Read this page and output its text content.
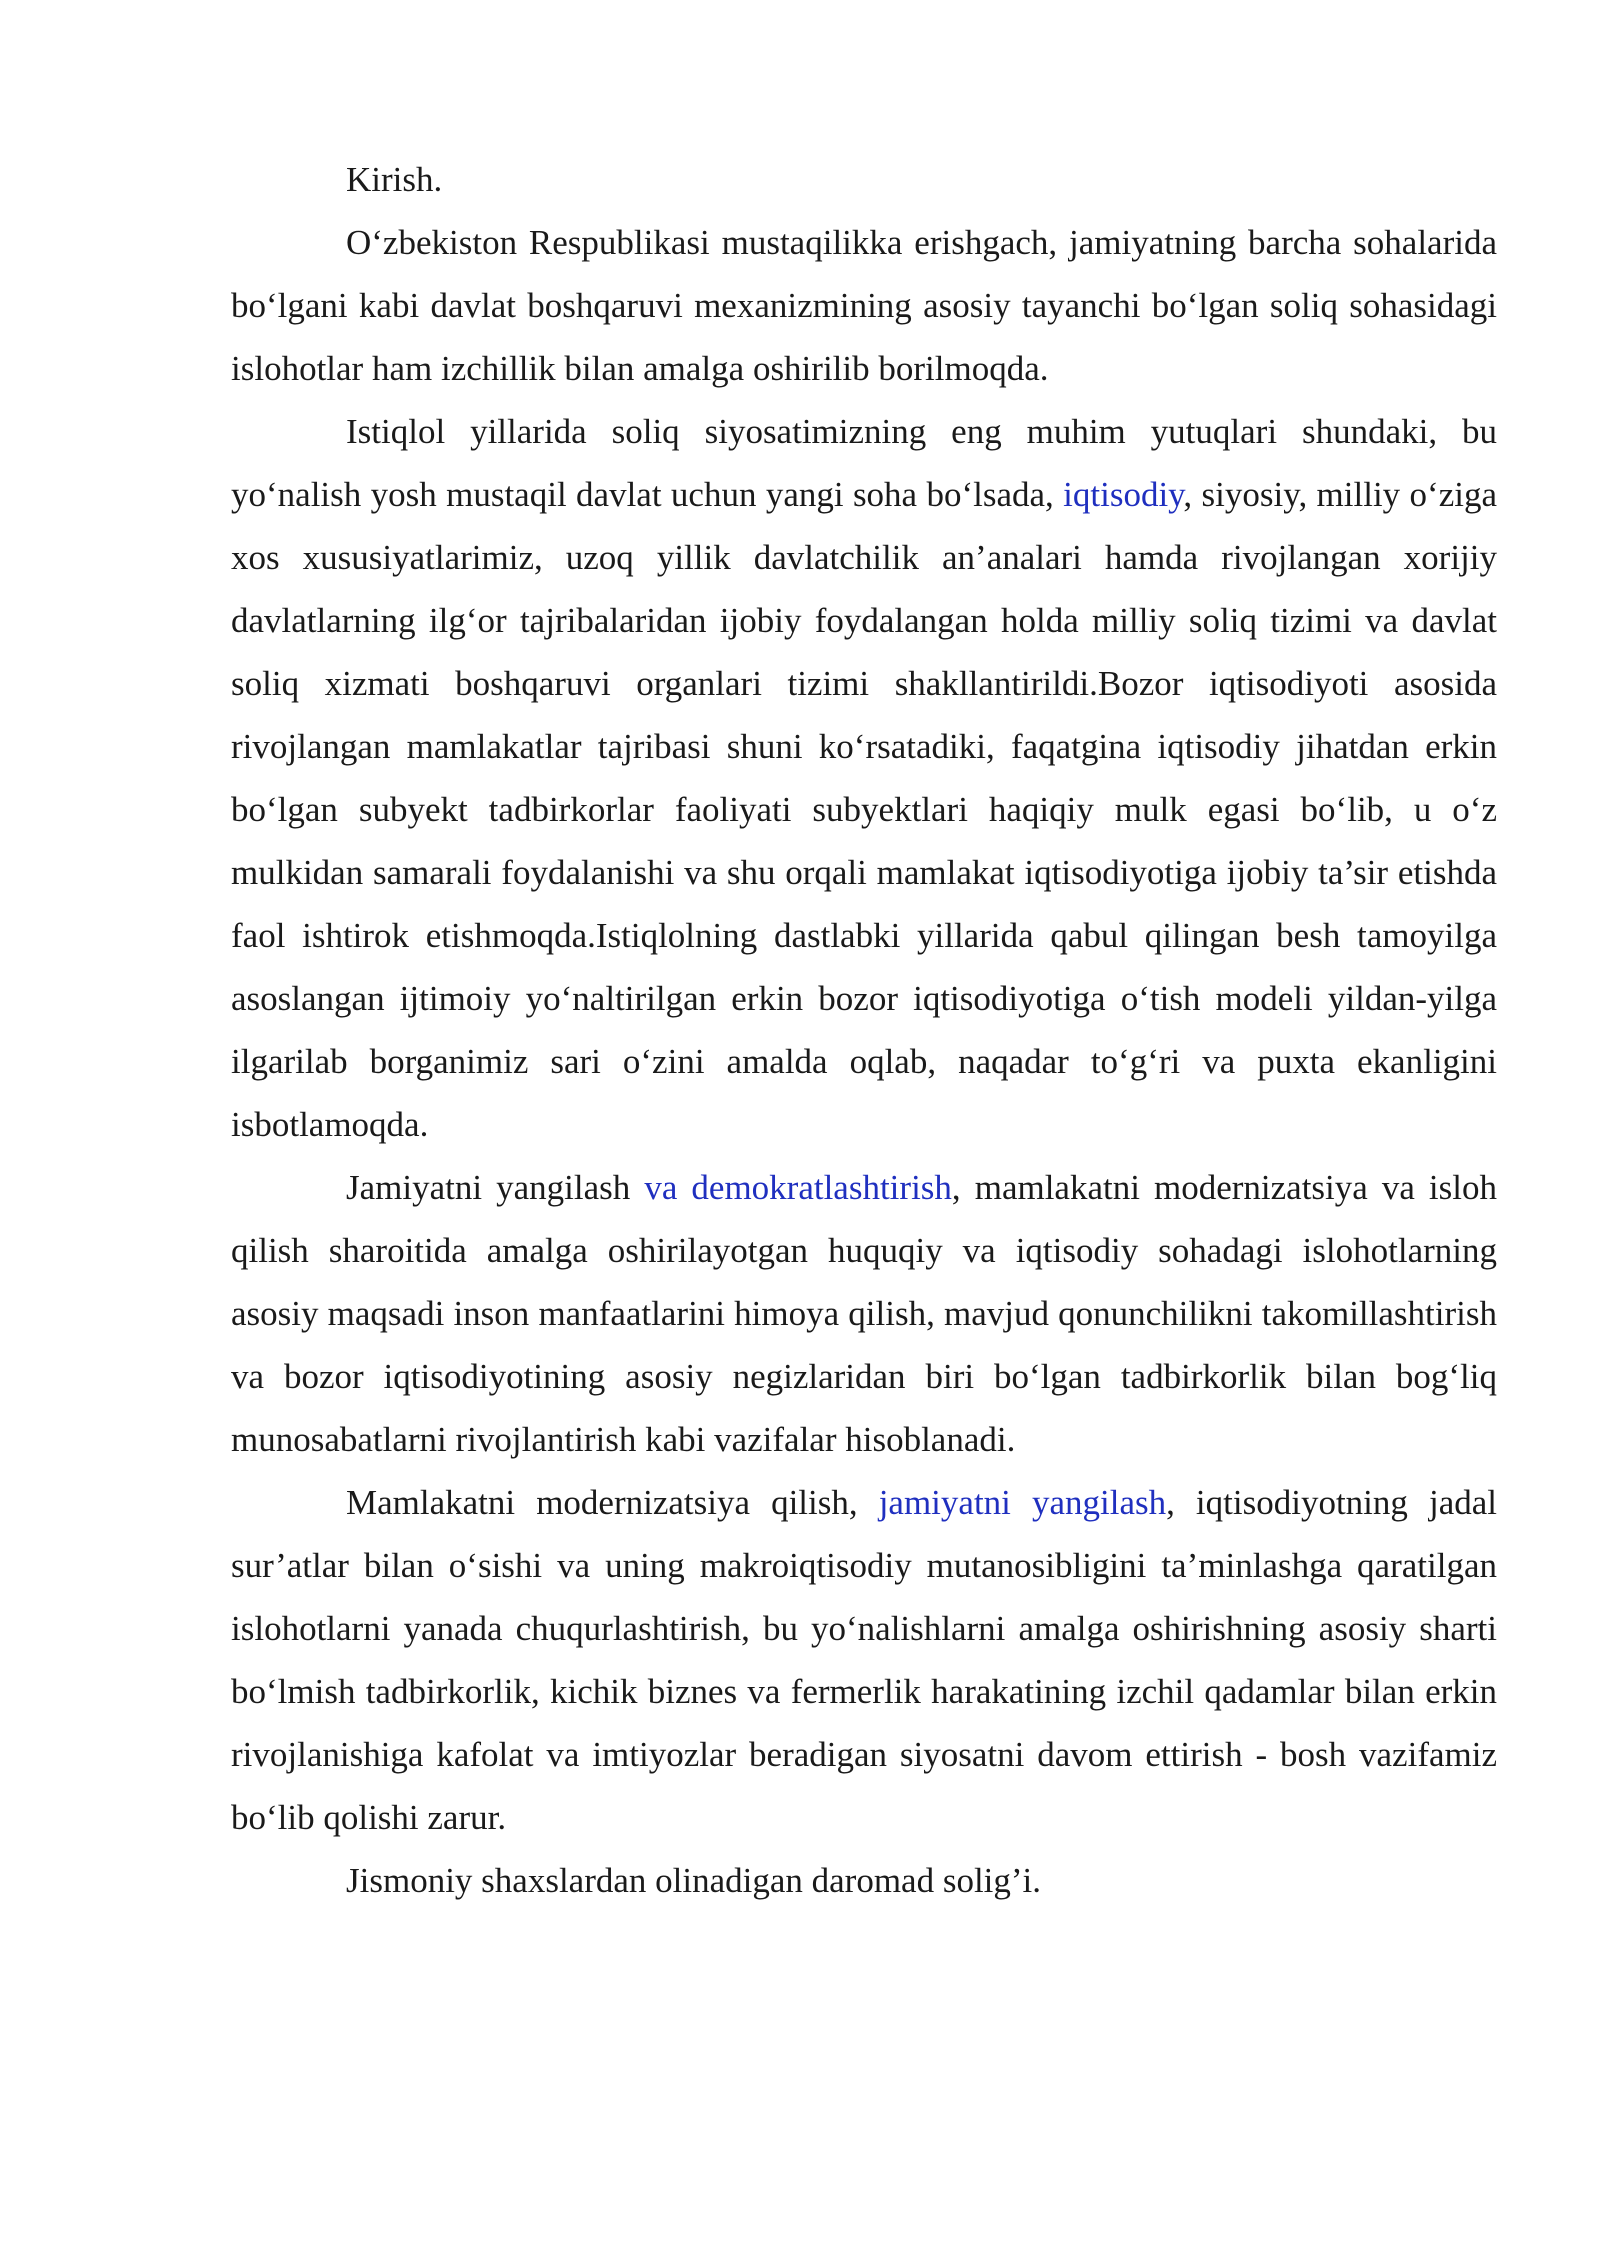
Kirish.

O‘zbekiston Respublikasi mustaqilikka erishgach, jamiyatning barcha sohalarida bo‘lgani kabi davlat boshqaruvi mexanizmining asosiy tayanchi bo‘lgan soliq sohasidagi islohotlar ham izchillik bilan amalga oshirilib borilmoqda.

Istiqlol yillarida soliq siyosatimizning eng muhim yutuqlari shundaki, bu yo‘nalish yosh mustaqil davlat uchun yangi soha bo‘lsada, iqtisodiy, siyosiy, milliy o‘ziga xos xususiyatlarimiz, uzoq yillik davlatchilik an’analari hamda rivojlangan xorijiy davlatlarning ilg‘or tajribalaridan ijobiy foydalangan holda milliy soliq tizimi va davlat soliq xizmati boshqaruvi organlari tizimi shakllantirildi.Bozor iqtisodiyoti asosida rivojlangan mamlakatlar tajribasi shuni ko‘rsatadiki, faqatgina iqtisodiy jihatdan erkin bo‘lgan subyekt tadbirkorlar faoliyati subyektlari haqiqiy mulk egasi bo‘lib, u o‘z mulkidan samarali foydalanishi va shu orqali mamlakat iqtisodiyotiga ijobiy ta’sir etishda faol ishtirok etishmoqda.Istiqlolning dastlabki yillarida qabul qilingan besh tamoyilga asoslangan ijtimoiy yo‘naltirilgan erkin bozor iqtisodiyotiga o‘tish modeli yildan-yilga ilgarilab borganimiz sari o‘zini amalda oqlab, naqadar to‘g‘ri va puxta ekanligini isbotlamoqda.

Jamiyatni yangilash va demokratlashtirish, mamlakatni modernizatsiya va isloh qilish sharoitida amalga oshirilayotgan huquqiy va iqtisodiy sohadagi islohotlarning asosiy maqsadi inson manfaatlarini himoya qilish, mavjud qonunchilikni takomillashtirish va bozor iqtisodiyotining asosiy negizlaridan biri bo‘lgan tadbirkorlik bilan bog‘liq munosabatlarni rivojlantirish kabi vazifalar hisoblanadi.

Mamlakatni modernizatsiya qilish, jamiyatni yangilash, iqtisodiyotning jadal sur’atlar bilan o‘sishi va uning makroiqtisodiy mutanosibligini ta’minlashga qaratilgan islohotlarni yanada chuqurlashtirish, bu yo‘nalishlarni amalga oshirishning asosiy sharti bo‘lmish tadbirkorlik, kichik biznes va fermerlik harakatining izchil qadamlar bilan erkin rivojlanishiga kafolat va imtiyozlar beradigan siyosatni davom ettirish - bosh vazifamiz bo‘lib qolishi zarur.

Jismoniy shaxslardan olinadigan daromad solig’i.
